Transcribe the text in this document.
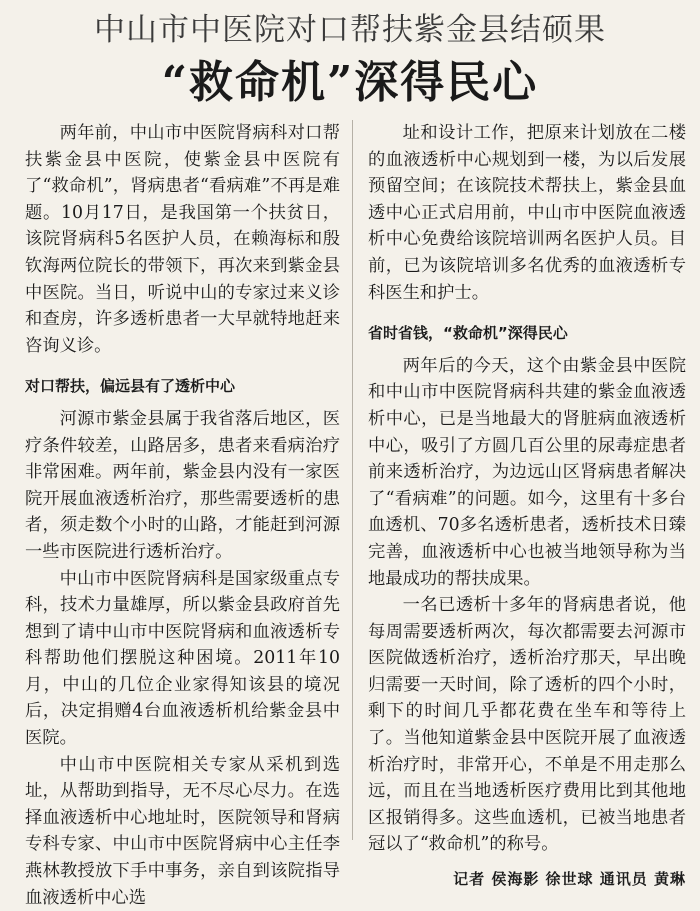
中山市中医院对口帮扶紫金县结硕果
“救命机”深得民心

两年前，中山市中医院肾病科对口帮扶紫金县中医院，使紫金县中医院有了“救命机”，肾病患者“看病难”不再是难题。10月17日，是我国第一个扶贫日，该院肾病科5名医护人员，在赖海标和殷钦海两位院长的带领下，再次来到紫金县中医院。当日，听说中山的专家过来义诊和查房，许多透析患者一大早就特地赶来咨询义诊。

对口帮扶，偏远县有了透析中心

河源市紫金县属于我省落后地区，医疗条件较差，山路居多，患者来看病治疗非常困难。两年前，紫金县内没有一家医院开展血液透析治疗，那些需要透析的患者，须走数个小时的山路，才能赶到河源一些市医院进行透析治疗。

中山市中医院肾病科是国家级重点专科，技术力量雄厚，所以紫金县政府首先想到了请中山市中医院肾病和血液透析专科帮助他们摆脱这种困境。2011年10月，中山的几位企业家得知该县的境况后，决定捐赠4台血液透析机给紫金县中医院。

中山市中医院相关专家从采机到选址，从帮助到指导，无不尽心尽力。在选择血液透析中心地址时，医院领导和肾病专科专家、中山市中医院肾病中心主任李燕林教授放下手中事务，亲自到该院指导血液透析中心选

址和设计工作，把原来计划放在二楼的血液透析中心规划到一楼，为以后发展预留空间；在该院技术帮扶上，紫金县血透中心正式启用前，中山市中医院血液透析中心免费给该院培训两名医护人员。目前，已为该院培训多名优秀的血液透析专科医生和护士。

省时省钱，“救命机”深得民心

两年后的今天，这个由紫金县中医院和中山市中医院肾病科共建的紫金血液透析中心，已是当地最大的肾脏病血液透析中心，吸引了方圆几百公里的尿毒症患者前来透析治疗，为边远山区肾病患者解决了“看病难”的问题。如今，这里有十多台血透机、70多名透析患者，透析技术日臻完善，血液透析中心也被当地领导称为当地最成功的帮扶成果。

一名已透析十多年的肾病患者说，他每周需要透析两次，每次都需要去河源市医院做透析治疗，透析治疗那天，早出晚归需要一天时间，除了透析的四个小时，剩下的时间几乎都花费在坐车和等待上了。当他知道紫金县中医院开展了血液透析治疗时，非常开心，不单是不用走那么远，而且在当地透析医疗费用比到其他地区报销得多。这些血透机，已被当地患者冠以了“救命机”的称号。

记者 侯海影 徐世球 通讯员 黄琳
